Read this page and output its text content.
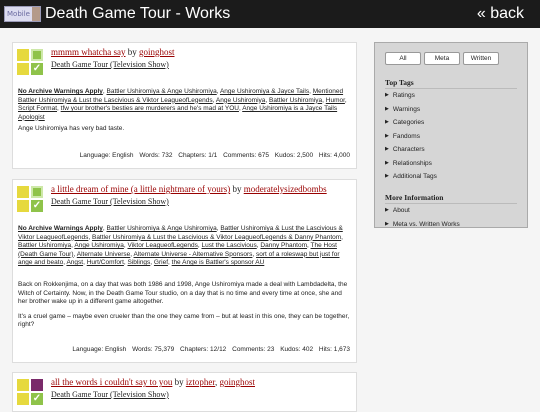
Mobile Death Game Tour - Works	« back
✓
mmmm whatcha say by goinghost
Death Game Tour (Television Show)
No Archive Warnings Apply, Battler Ushiromiya & Ange Ushiromiya, Ange Ushiromiya & Jayce Tails, Mentioned Battler Ushiromiya & Lust the Lascivious & Viktor LeagueofLegends, Ange Ushiromiya, Battler Ushiromiya, Humor, Script Format, tfw your brother's besties are murderers and he's mad at YOU, Ange Ushiromiya is a Jayce Tails Apologist

Ange Ushiromiya has very bad taste.

Language: English Words: 732 Chapters: 1/1 Comments: 675 Kudos: 2,500 Hits: 4,000
✓
a little dream of mine (a little nightmare of yours) by moderatelysizedbombs
Death Game Tour (Television Show)
No Archive Warnings Apply, Battler Ushiromiya & Ange Ushiromiya, Battler Ushiromiya & Lust the Lascivious & Viktor LeagueofLegends, Battler Ushiromiya & Lust the Lascivious & Viktor LeagueofLegends & Danny Phantom, Battler Ushiromiya, Ange Ushiromiya, Viktor LeagueofLegends, Lust the Lascivious, Danny Phantom, The Host (Death Game Tour), Alternate Universe, Alternate Universe - Alternative Sponsors, sort of a roleswap but just for ange and beato, Angst, Hurt/Comfort, Siblings, Grief, the Ange is Battler's sponsor AU

Back on Rokkenjima, on a day that was both 1986 and 1998, Ange Ushiromiya made a deal with Lambdadelta, the Witch of Certainty. Now, in the Death Game Tour studio, on a day that is no time and every time at once, she and her brother wake up in a different game altogether.

It's a cruel game – maybe even crueler than the one they came from – but at least in this one, they can be together, right?

Language: English Words: 75,379 Chapters: 12/12 Comments: 23 Kudos: 402 Hits: 1,673
✓
all the words i couldn't say to you by iztopher, goinghost
Death Game Tour (Television Show)
All	Meta	Written
Top Tags
▶ Ratings
▶ Warnings
▶ Categories
▶ Fandoms
▶ Characters
▶ Relationships
▶ Additional Tags
More Information
▶ About
▶ Meta vs. Written Works
